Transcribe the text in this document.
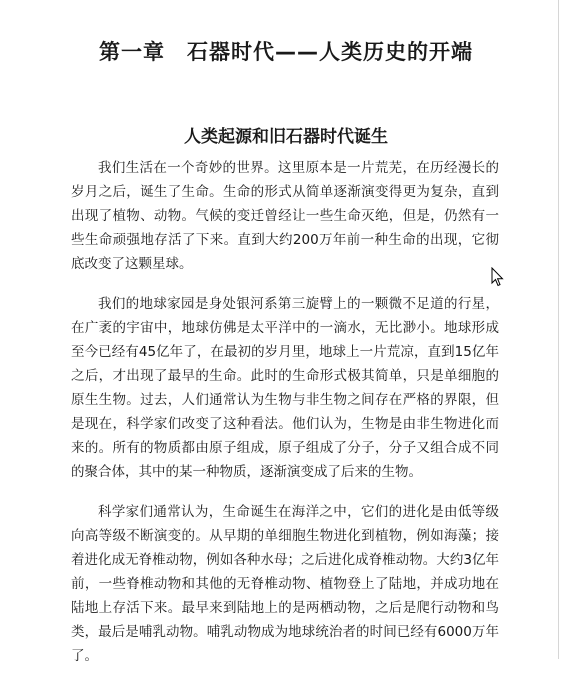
第一章　石器时代——人类历史的开端
人类起源和旧石器时代诞生

我们生活在一个奇妙的世界。这里原本是一片荒芜，在历经漫长的岁月之后，诞生了生命。生命的形式从简单逐渐演变得更为复杂，直到出现了植物、动物。气候的变迁曾经让一些生命灭绝，但是，仍然有一些生命顽强地存活了下来。直到大约200万年前一种生命的出现，它彻底改变了这颗星球。

我们的地球家园是身处银河系第三旋臂上的一颗微不足道的行星，在广袤的宇宙中，地球仿佛是太平洋中的一滴水，无比渺小。地球形成至今已经有45亿年了，在最初的岁月里，地球上一片荒凉，直到15亿年之后，才出现了最早的生命。此时的生命形式极其简单，只是单细胞的原生生物。过去，人们通常认为生物与非生物之间存在严格的界限，但是现在，科学家们改变了这种看法。他们认为，生物是由非生物进化而来的。所有的物质都由原子组成，原子组成了分子，分子又组合成不同的聚合体，其中的某一种物质，逐渐演变成了后来的生物。

科学家们通常认为，生命诞生在海洋之中，它们的进化是由低等级向高等级不断演变的。从早期的单细胞生物进化到植物，例如海藻；接着进化成无脊椎动物，例如各种水母；之后进化成脊椎动物。大约3亿年前，一些脊椎动物和其他的无脊椎动物、植物登上了陆地，并成功地在陆地上存活下来。最早来到陆地上的是两栖动物，之后是爬行动物和鸟类，最后是哺乳动物。哺乳动物成为地球统治者的时间已经有6000万年了。
